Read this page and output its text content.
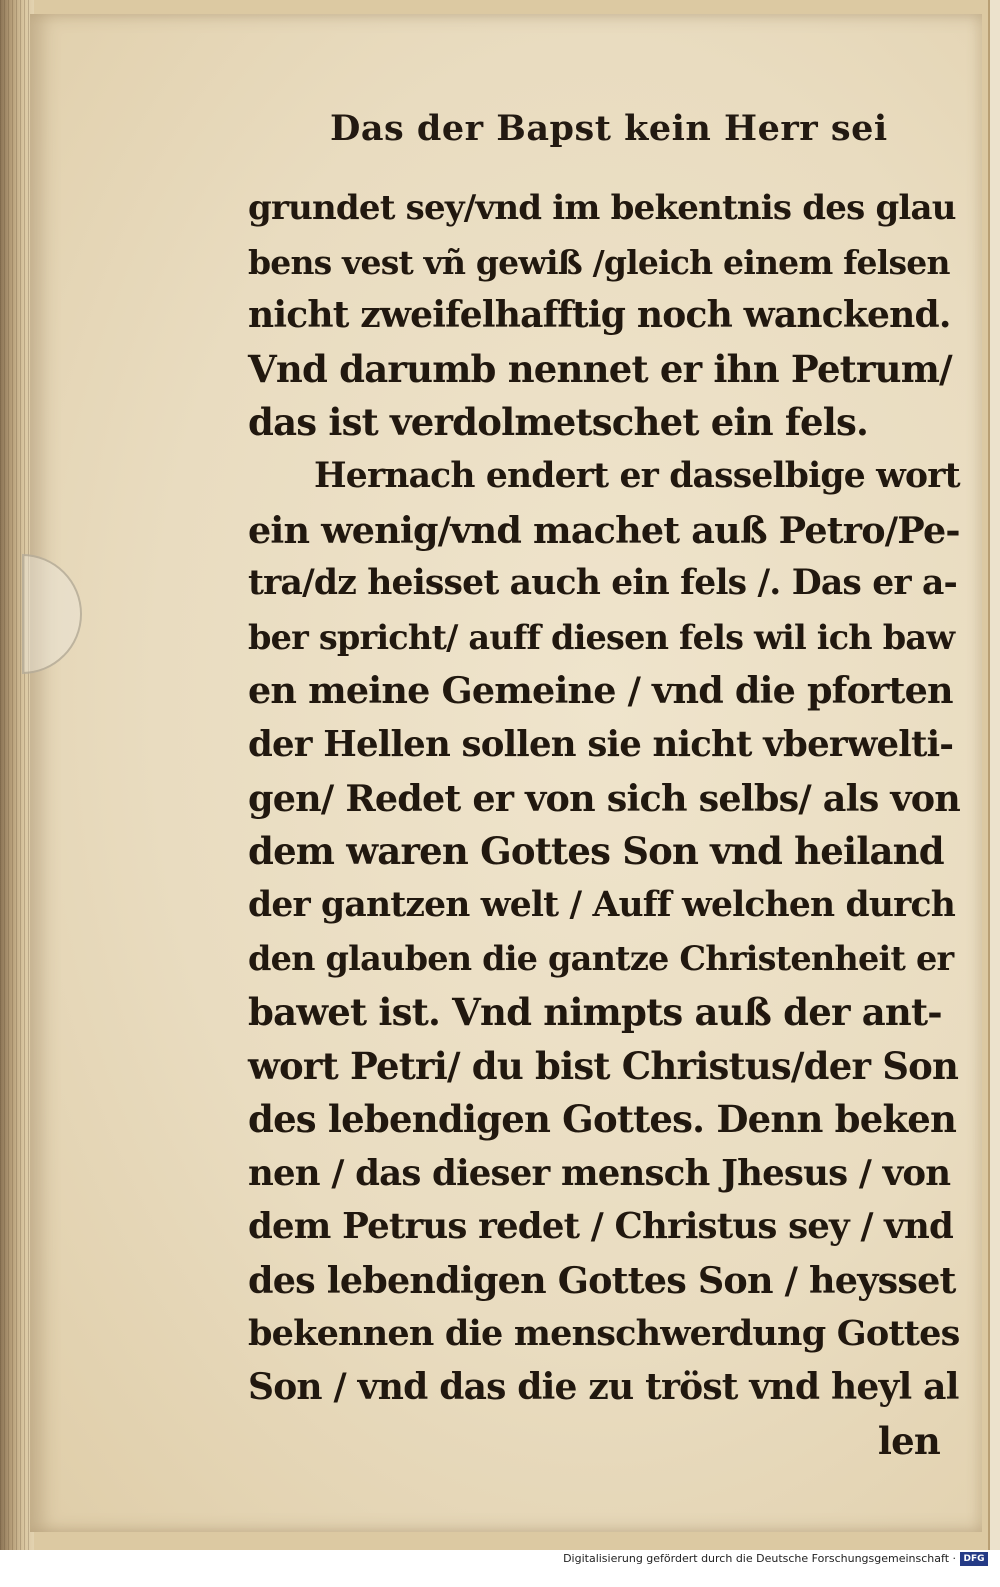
Das der Bapst kein Herr sei
grundet sey/vnd im bekentnis des glau
bens vest vñ gewiß /gleich einem felsen
nicht zweifelhafftig noch wanckend.
Vnd darumb nennet er ihn Petrum/
das ist verdolmetschet ein fels.
Hernach endert er dasselbige wort
ein wenig/vnd machet auß Petro/Pe-
tra/dz heisset auch ein fels /. Das er a-
ber spricht/ auff diesen fels wil ich baw
en meine Gemeine / vnd die pforten
der Hellen sollen sie nicht vberwelti-
gen/ Redet er von sich selbs/ als von
dem waren Gottes Son vnd heiland
der gantzen welt / Auff welchen durch
den glauben die gantze Christenheit er
bawet ist. Vnd nimpts auß der ant-
wort Petri/ du bist Christus/der Son
des lebendigen Gottes. Denn beken
nen / das dieser mensch Jhesus / von
dem Petrus redet / Christus sey / vnd
des lebendigen Gottes Son / heysset
bekennen die menschwerdung Gottes
Son / vnd das die zu tröst vnd heyl al
len
Digitalisierung gefördert durch die Deutsche Forschungsgemeinschaft · DFG
